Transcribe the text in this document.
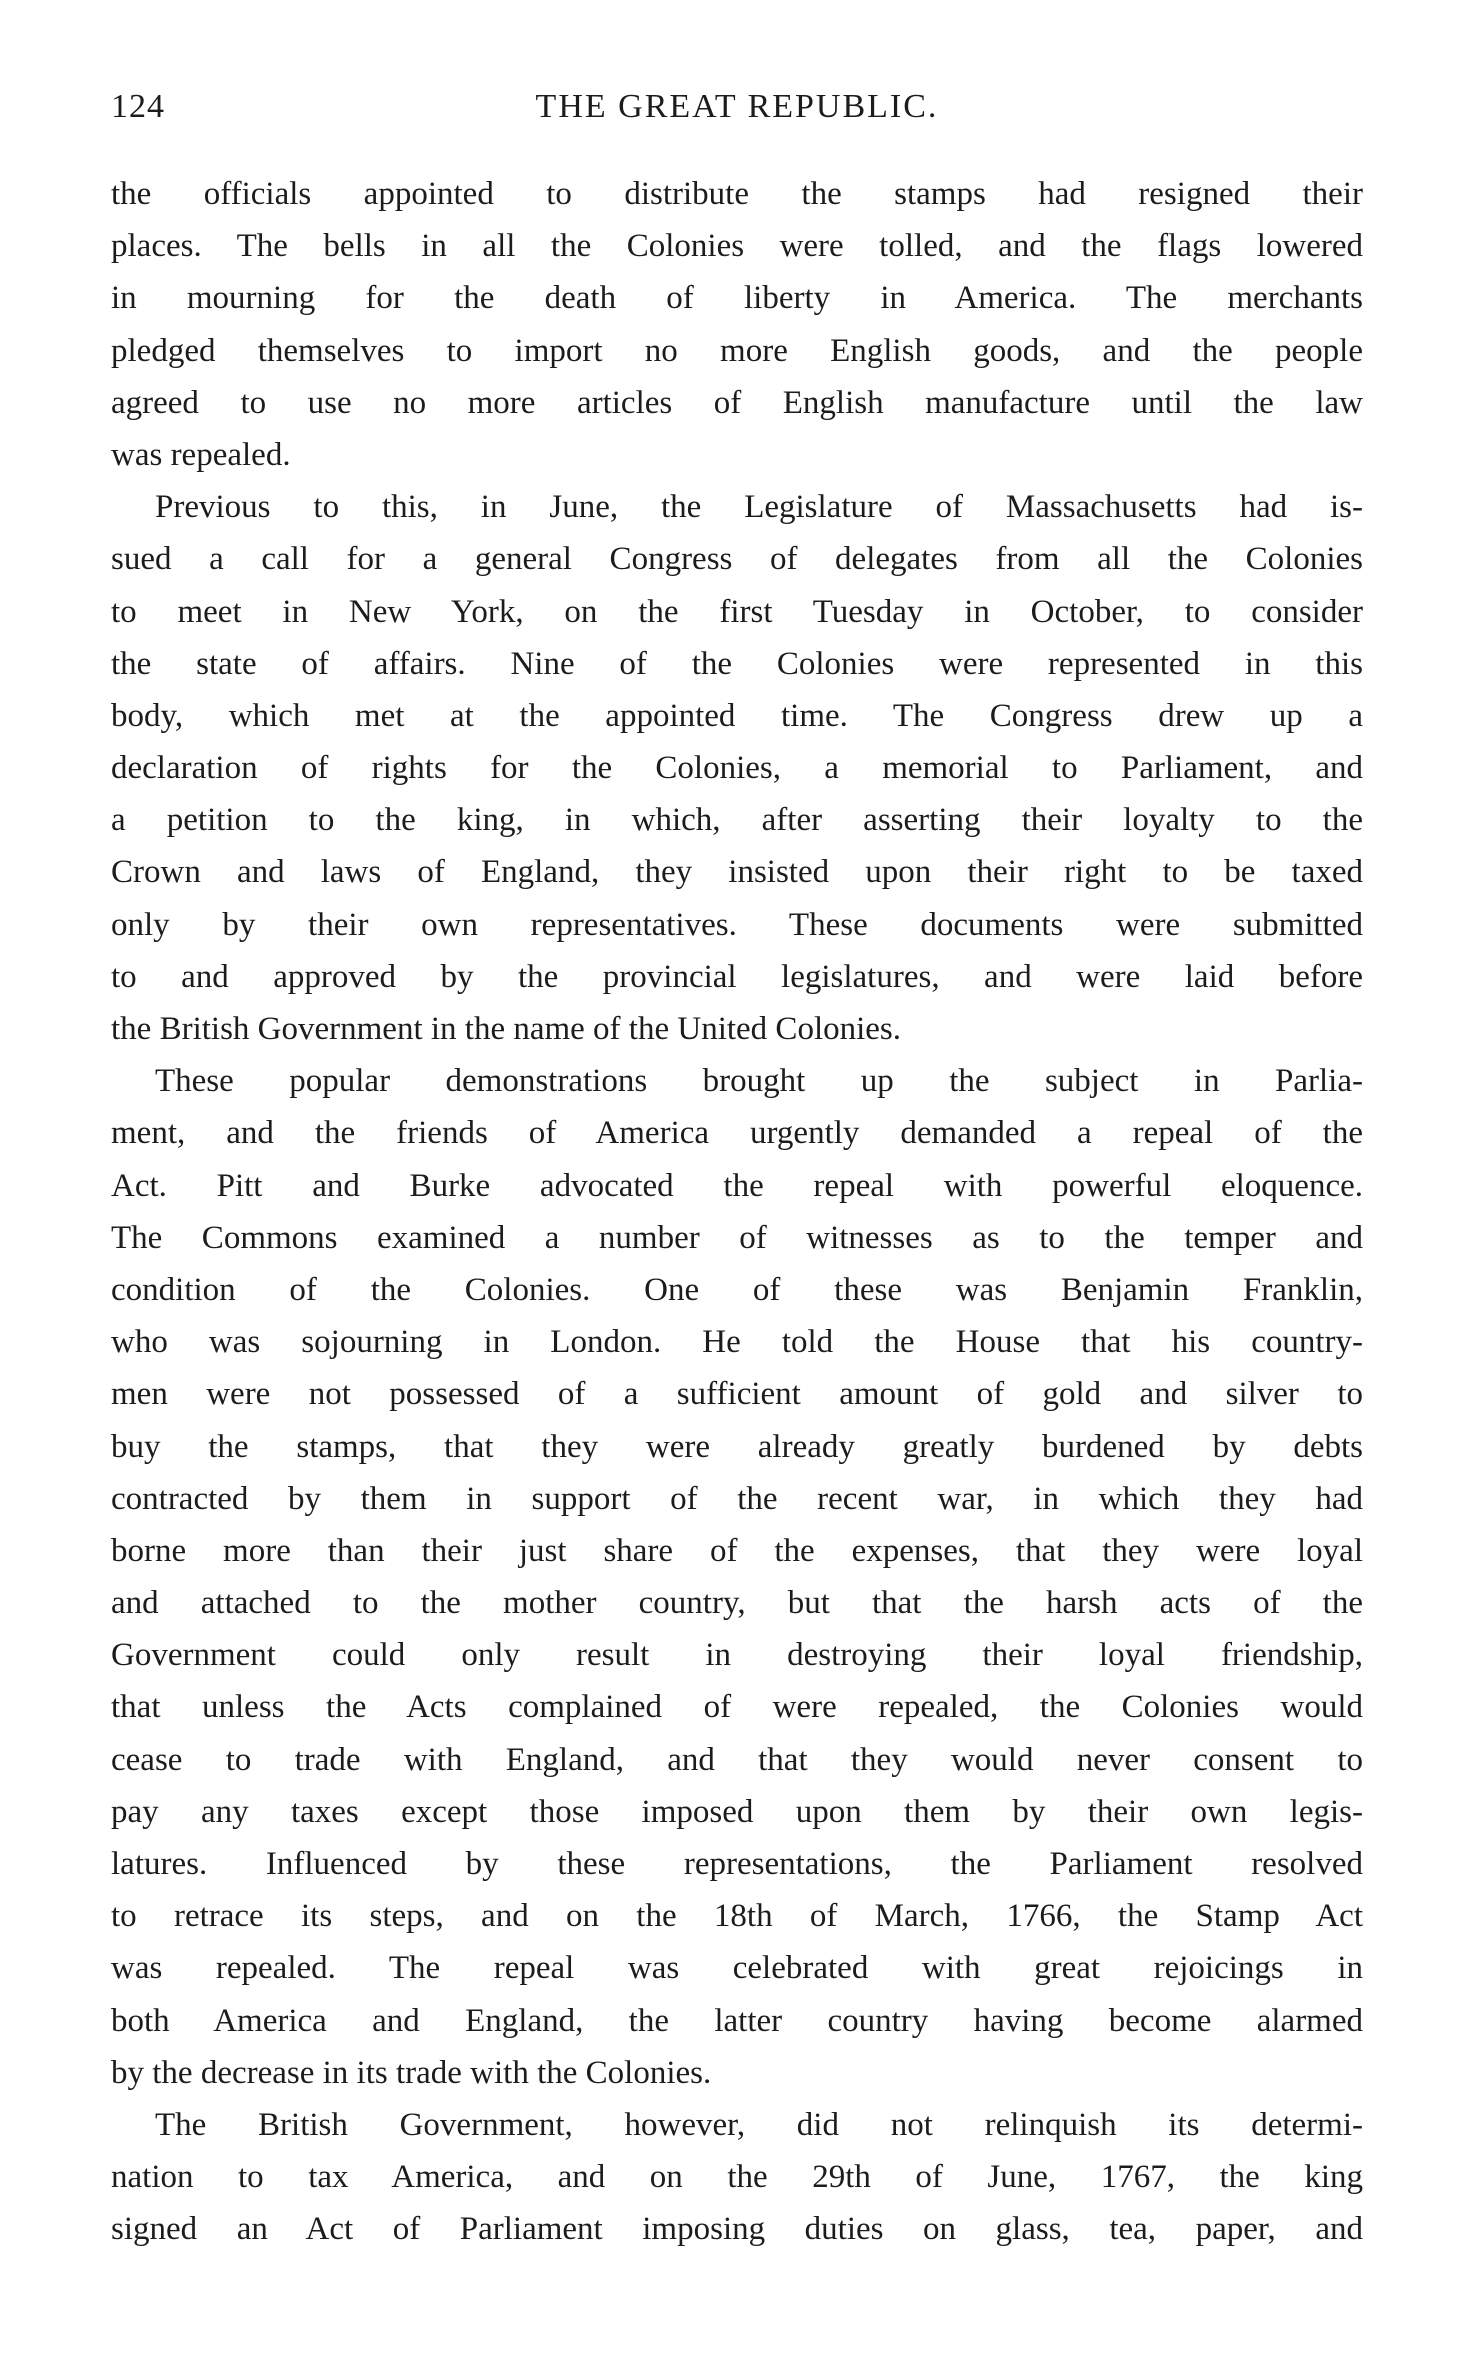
124	THE GREAT REPUBLIC.
the officials appointed to distribute the stamps had resigned their
places. The bells in all the Colonies were tolled, and the flags lowered
in mourning for the death of liberty in America. The merchants
pledged themselves to import no more English goods, and the people
agreed to use no more articles of English manufacture until the law
was repealed.
Previous to this, in June, the Legislature of Massachusetts had is-
sued a call for a general Congress of delegates from all the Colonies
to meet in New York, on the first Tuesday in October, to consider
the state of affairs. Nine of the Colonies were represented in this
body, which met at the appointed time. The Congress drew up a
declaration of rights for the Colonies, a memorial to Parliament, and
a petition to the king, in which, after asserting their loyalty to the
Crown and laws of England, they insisted upon their right to be taxed
only by their own representatives. These documents were submitted
to and approved by the provincial legislatures, and were laid before
the British Government in the name of the United Colonies.
These popular demonstrations brought up the subject in Parlia-
ment, and the friends of America urgently demanded a repeal of the
Act. Pitt and Burke advocated the repeal with powerful eloquence.
The Commons examined a number of witnesses as to the temper and
condition of the Colonies. One of these was Benjamin Franklin,
who was sojourning in London. He told the House that his country-
men were not possessed of a sufficient amount of gold and silver to
buy the stamps, that they were already greatly burdened by debts
contracted by them in support of the recent war, in which they had
borne more than their just share of the expenses, that they were loyal
and attached to the mother country, but that the harsh acts of the
Government could only result in destroying their loyal friendship,
that unless the Acts complained of were repealed, the Colonies would
cease to trade with England, and that they would never consent to
pay any taxes except those imposed upon them by their own legis-
latures. Influenced by these representations, the Parliament resolved
to retrace its steps, and on the 18th of March, 1766, the Stamp Act
was repealed. The repeal was celebrated with great rejoicings in
both America and England, the latter country having become alarmed
by the decrease in its trade with the Colonies.
The British Government, however, did not relinquish its determi-
nation to tax America, and on the 29th of June, 1767, the king
signed an Act of Parliament imposing duties on glass, tea, paper, and
